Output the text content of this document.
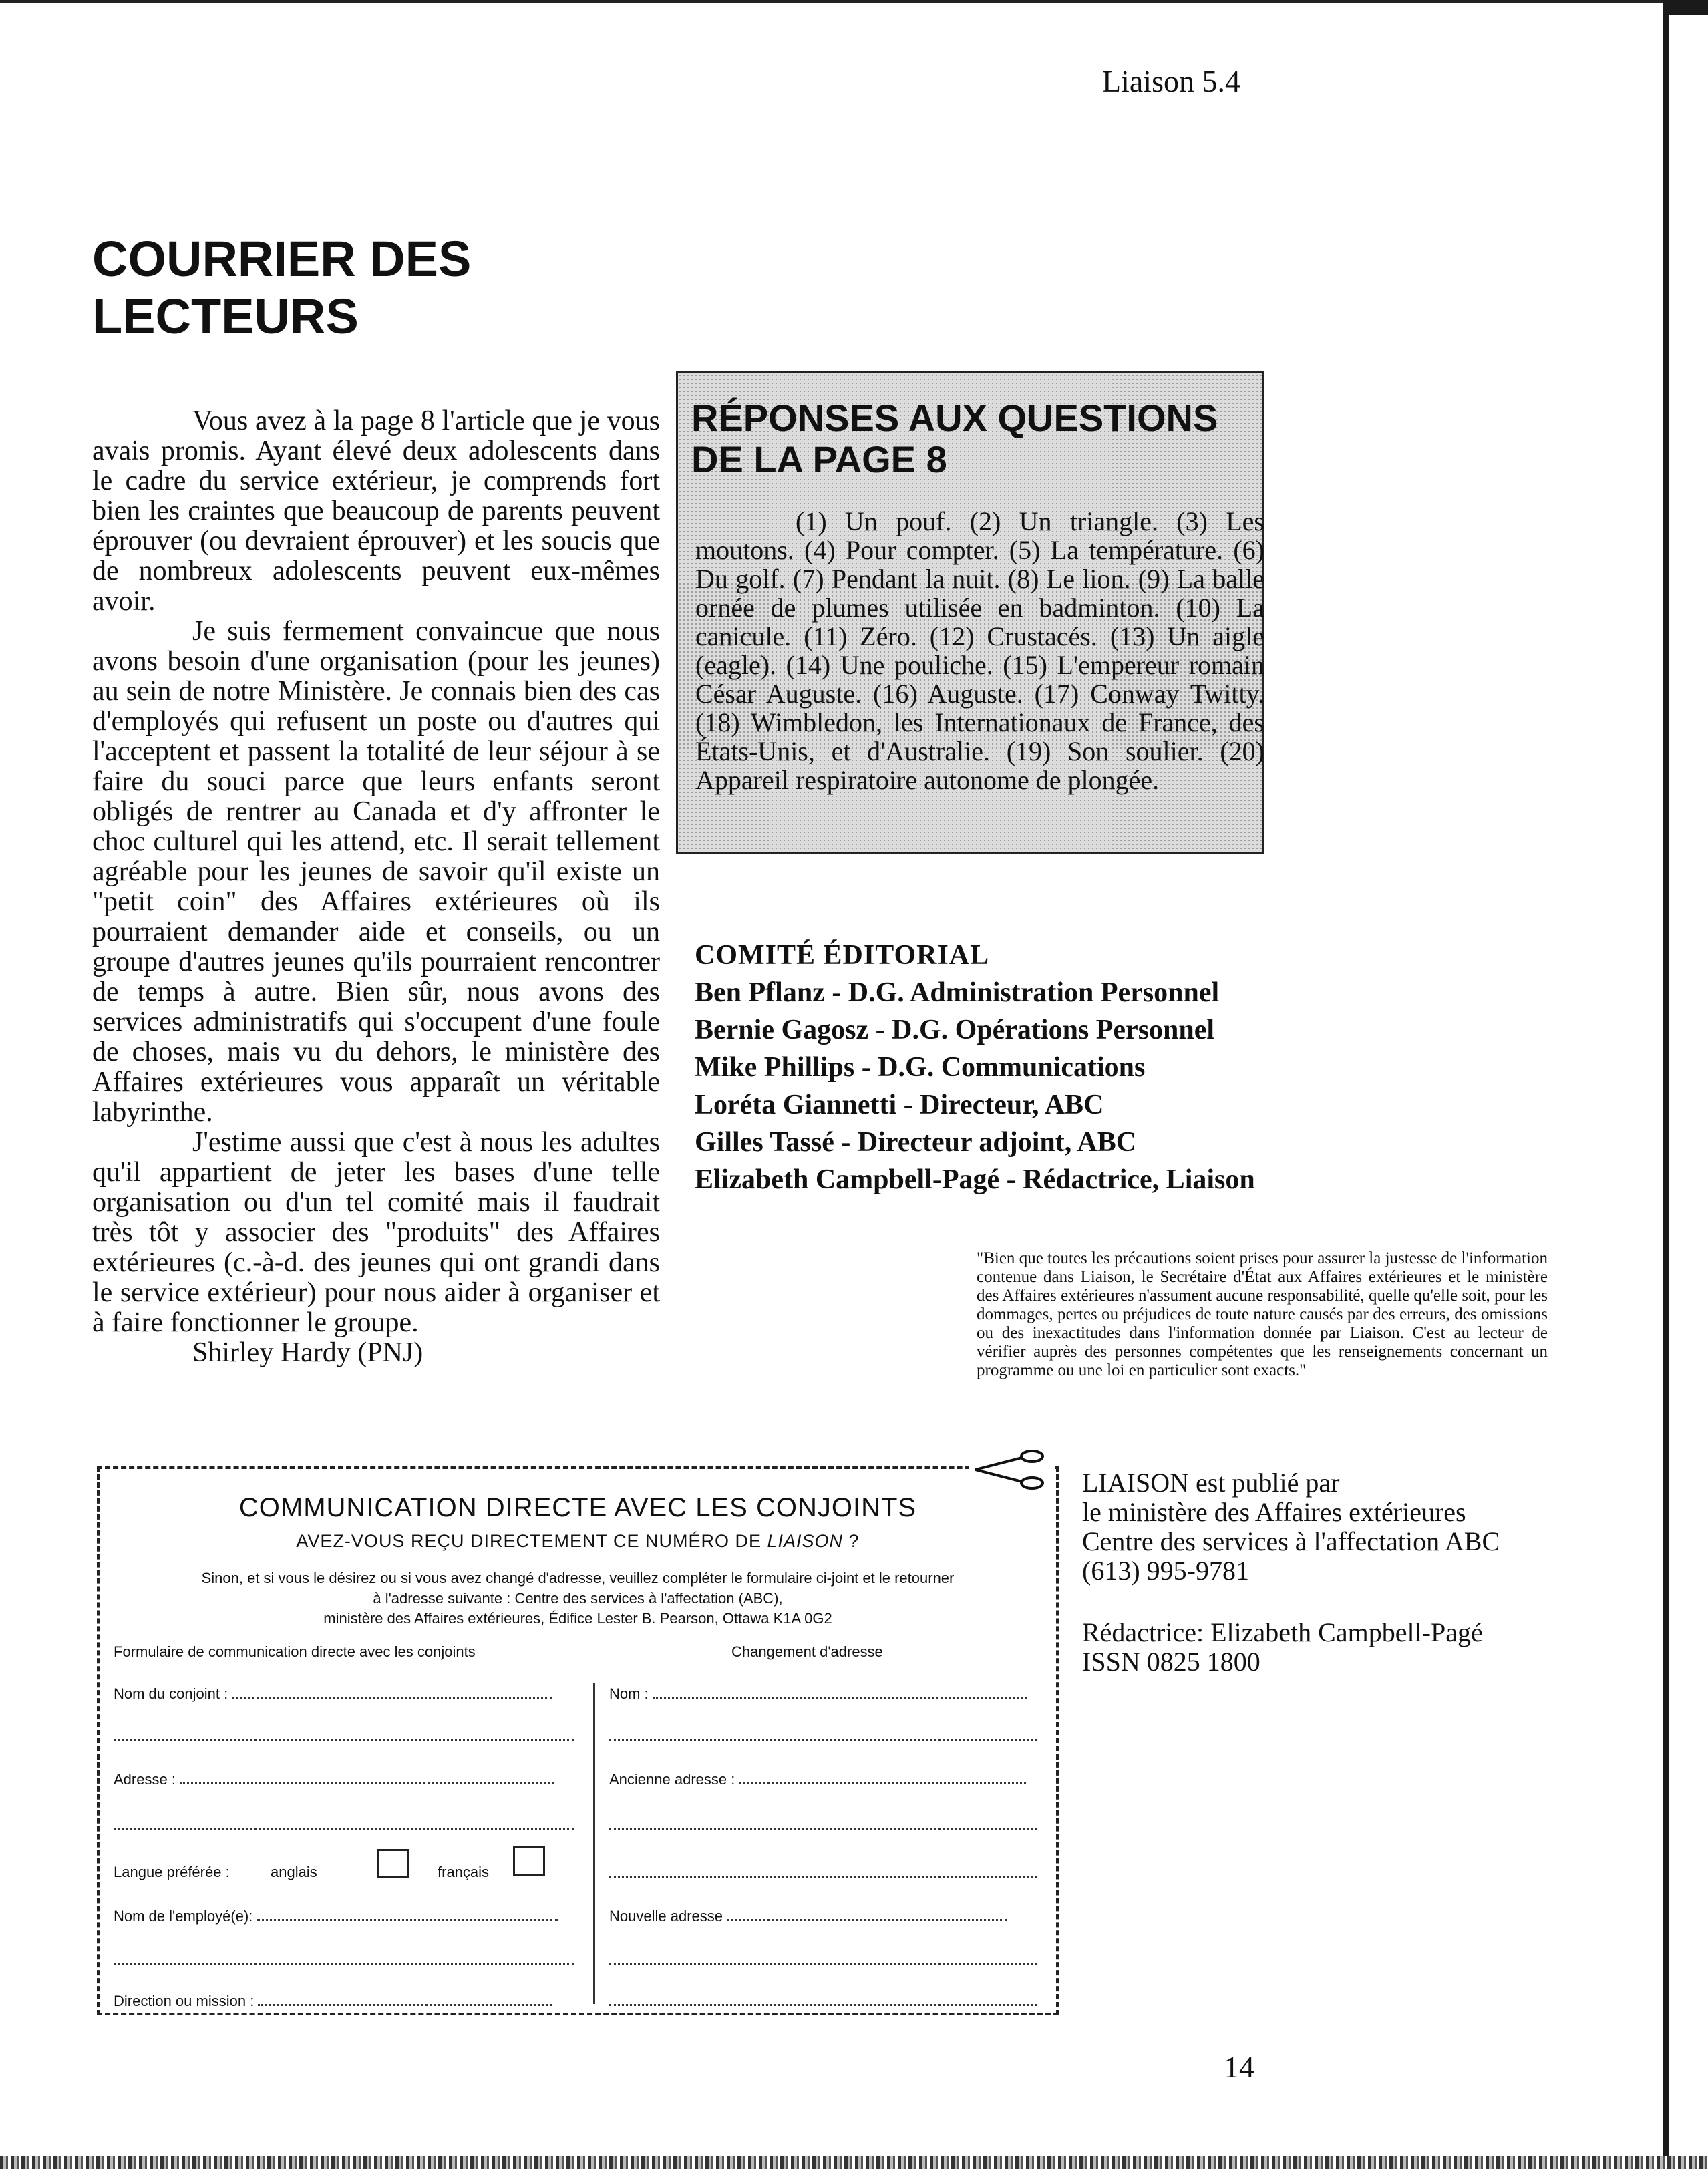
Liaison 5.4
COURRIER DES
LECTEURS

Vous avez à la page 8 l'article que je vous avais promis. Ayant élevé deux adolescents dans le cadre du service extérieur, je comprends fort bien les craintes que beaucoup de parents peuvent éprouver (ou devraient éprouver) et les soucis que de nombreux adolescents peuvent eux-mêmes avoir.

Je suis fermement convaincue que nous avons besoin d'une organisation (pour les jeunes) au sein de notre Ministère. Je connais bien des cas d'employés qui refusent un poste ou d'autres qui l'acceptent et passent la totalité de leur séjour à se faire du souci parce que leurs enfants seront obligés de rentrer au Canada et d'y affronter le choc culturel qui les attend, etc. Il serait tellement agréable pour les jeunes de savoir qu'il existe un "petit coin" des Affaires extérieures où ils pourraient demander aide et conseils, ou un groupe d'autres jeunes qu'ils pourraient rencontrer de temps à autre. Bien sûr, nous avons des services administratifs qui s'occupent d'une foule de choses, mais vu du dehors, le ministère des Affaires extérieures vous apparaît un véritable labyrinthe.

J'estime aussi que c'est à nous les adultes qu'il appartient de jeter les bases d'une telle organisation ou d'un tel comité mais il faudrait très tôt y associer des "produits" des Affaires extérieures (c.-à-d. des jeunes qui ont grandi dans le service extérieur) pour nous aider à organiser et à faire fonctionner le groupe.

Shirley Hardy (PNJ)

RÉPONSES AUX QUESTIONS
DE LA PAGE 8

(1) Un pouf. (2) Un triangle. (3) Les moutons. (4) Pour compter. (5) La température. (6) Du golf. (7) Pendant la nuit. (8) Le lion. (9) La balle ornée de plumes utilisée en badminton. (10) La canicule. (11) Zéro. (12) Crustacés. (13) Un aigle (eagle). (14) Une pouliche. (15) L'empereur romain César Auguste. (16) Auguste. (17) Conway Twitty. (18) Wimbledon, les Internationaux de France, des États-Unis, et d'Australie. (19) Son soulier. (20) Appareil respiratoire autonome de plongée.

COMITÉ ÉDITORIAL
Ben Pflanz - D.G. Administration Personnel
Bernie Gagosz - D.G. Opérations Personnel
Mike Phillips - D.G. Communications
Loréta Giannetti - Directeur, ABC
Gilles Tassé - Directeur adjoint, ABC
Elizabeth Campbell-Pagé - Rédactrice, Liaison
"Bien que toutes les précautions soient prises pour assurer la justesse de l'information contenue dans Liaison, le Secrétaire d'État aux Affaires extérieures et le ministère des Affaires extérieures n'assument aucune responsabilité, quelle qu'elle soit, pour les dommages, pertes ou préjudices de toute nature causés par des erreurs, des omissions ou des inexactitudes dans l'information donnée par Liaison. C'est au lecteur de vérifier auprès des personnes compétentes que les renseignements concernant un programme ou une loi en particulier sont exacts."
LIAISON est publié par
le ministère des Affaires extérieures
Centre des services à l'affectation ABC
(613) 995-9781
Rédactrice: Elizabeth Campbell-Pagé
ISSN 0825 1800
COMMUNICATION DIRECTE AVEC LES CONJOINTS
AVEZ-VOUS REÇU DIRECTEMENT CE NUMÉRO DE LIAISON ?
Sinon, et si vous le désirez ou si vous avez changé d'adresse, veuillez compléter le formulaire ci-joint et le retourner
à l'adresse suivante : Centre des services à l'affectation (ABC),
ministère des Affaires extérieures, Édifice Lester B. Pearson, Ottawa K1A 0G2
Formulaire de communication directe avec les conjoints	Changement d'adresse
Nom du conjoint :
Adresse :
Langue préférée :	anglais	français
Nom de l'employé(e):
Direction ou mission :
Nom :
Ancienne adresse :
Nouvelle adresse
14
